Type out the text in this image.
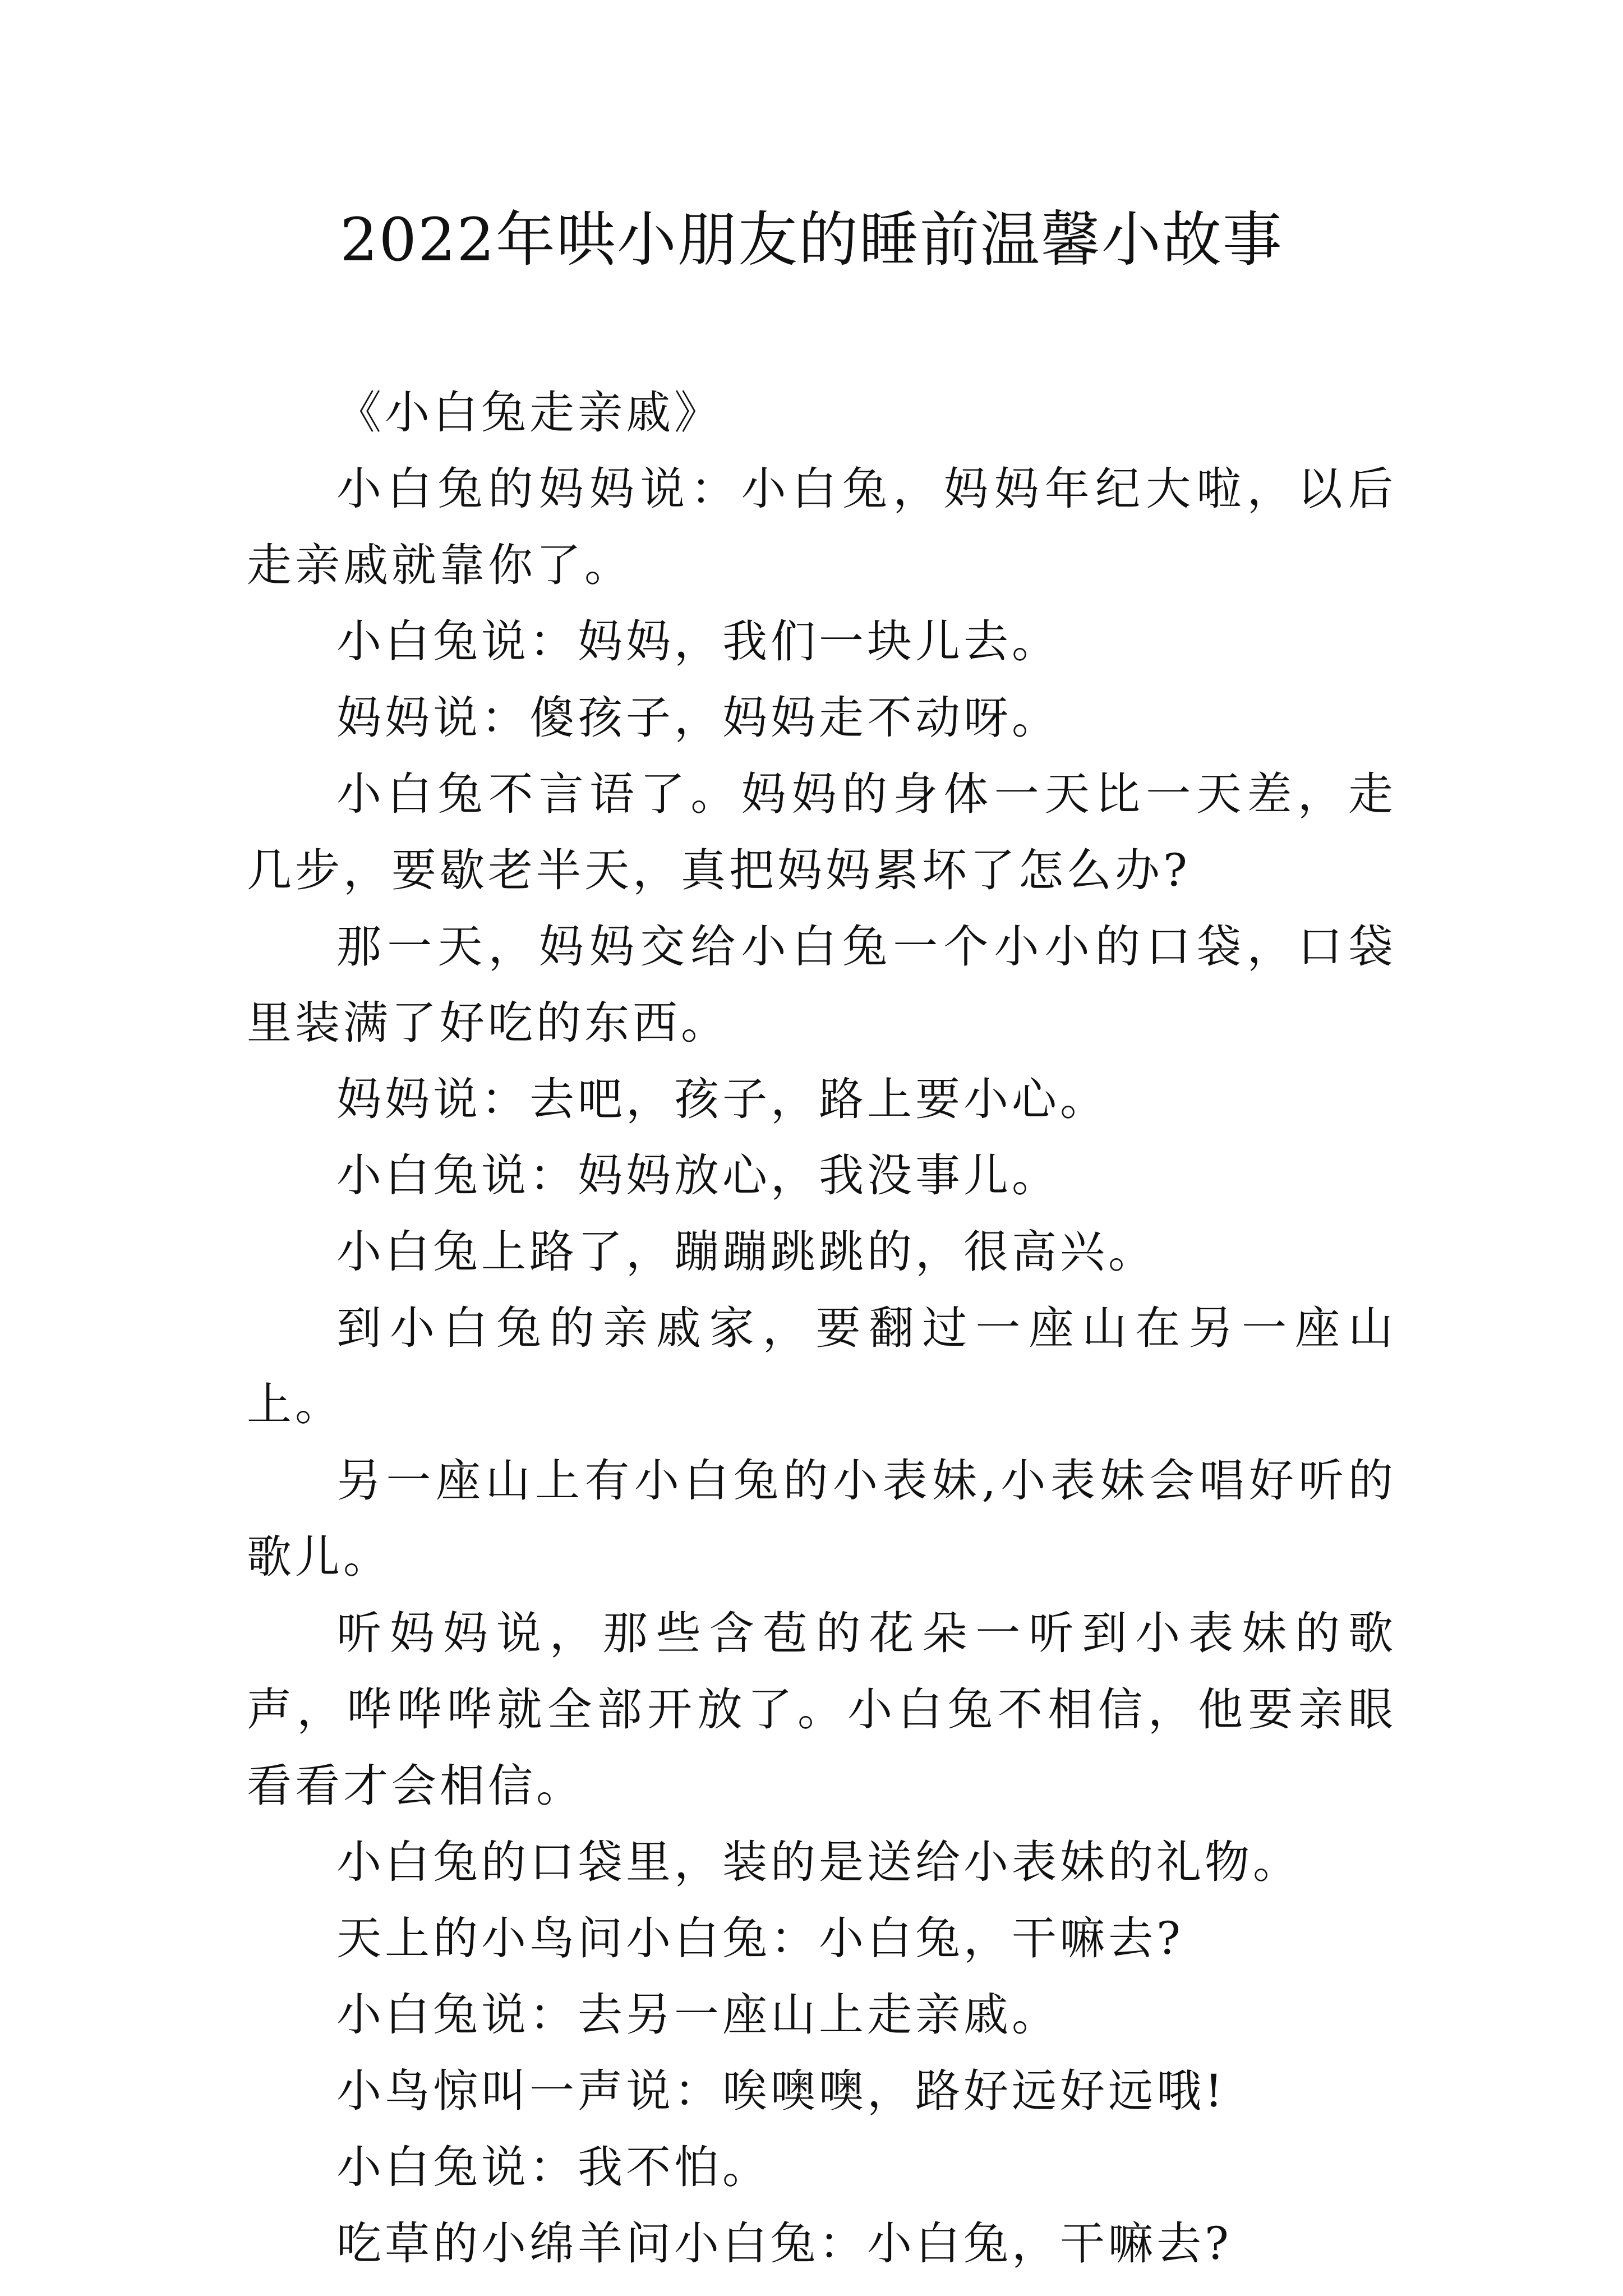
2022年哄小朋友的睡前温馨小故事

《小白兔走亲戚》

小白兔的妈妈说：小白兔，妈妈年纪大啦，以后走亲戚就靠你了。

小白兔说：妈妈，我们一块儿去。

妈妈说：傻孩子，妈妈走不动呀。

小白兔不言语了。妈妈的身体一天比一天差，走几步，要歇老半天，真把妈妈累坏了怎么办?

那一天，妈妈交给小白兔一个小小的口袋，口袋里装满了好吃的东西。

妈妈说：去吧，孩子，路上要小心。

小白兔说：妈妈放心，我没事儿。

小白兔上路了，蹦蹦跳跳的，很高兴。

到小白兔的亲戚家，要翻过一座山在另一座山上。

另一座山上有小白兔的小表妹,小表妹会唱好听的歌儿。

听妈妈说，那些含苞的花朵一听到小表妹的歌声，哗哗哗就全部开放了。小白兔不相信，他要亲眼看看才会相信。

小白兔的口袋里，装的是送给小表妹的礼物。

天上的小鸟问小白兔：小白兔，干嘛去?

小白兔说：去另一座山上走亲戚。

小鸟惊叫一声说：唉噢噢，路好远好远哦!

小白兔说：我不怕。

吃草的小绵羊问小白兔：小白兔，干嘛去?
